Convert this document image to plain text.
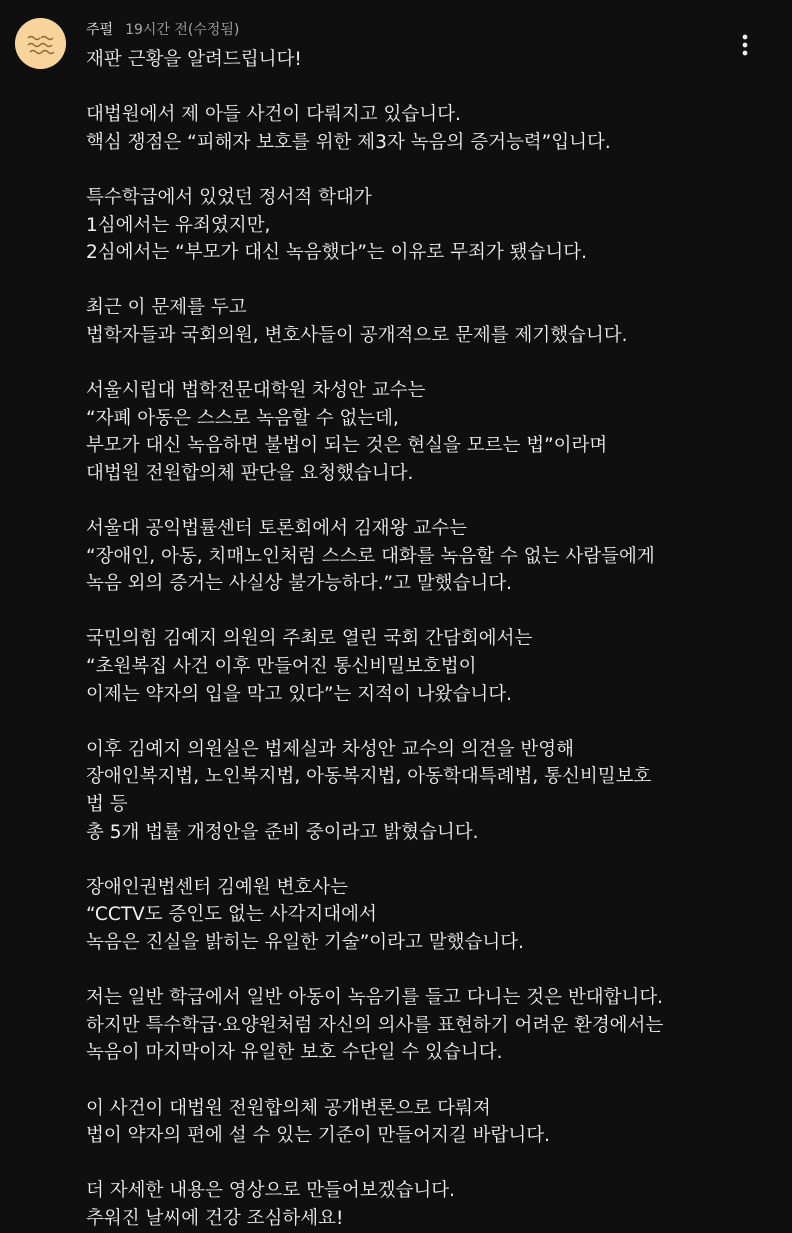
주펄 19시간 전(수정됨)
재판 근황을 알려드립니다!
대법원에서 제 아들 사건이 다뤄지고 있습니다.
핵심 쟁점은 “피해자 보호를 위한 제3자 녹음의 증거능력”입니다.
특수학급에서 있었던 정서적 학대가
1심에서는 유죄였지만,
2심에서는 “부모가 대신 녹음했다”는 이유로 무죄가 됐습니다.
최근 이 문제를 두고
법학자들과 국회의원, 변호사들이 공개적으로 문제를 제기했습니다.
서울시립대 법학전문대학원 차성안 교수는
“자폐 아동은 스스로 녹음할 수 없는데,
부모가 대신 녹음하면 불법이 되는 것은 현실을 모르는 법”이라며
대법원 전원합의체 판단을 요청했습니다.
서울대 공익법률센터 토론회에서 김재왕 교수는
“장애인, 아동, 치매노인처럼 스스로 대화를 녹음할 수 없는 사람들에게
녹음 외의 증거는 사실상 불가능하다.”고 말했습니다.
국민의힘 김예지 의원의 주최로 열린 국회 간담회에서는
“초원복집 사건 이후 만들어진 통신비밀보호법이
이제는 약자의 입을 막고 있다”는 지적이 나왔습니다.
이후 김예지 의원실은 법제실과 차성안 교수의 의견을 반영해
장애인복지법, 노인복지법, 아동복지법, 아동학대특례법, 통신비밀보호
법 등
총 5개 법률 개정안을 준비 중이라고 밝혔습니다.
장애인권법센터 김예원 변호사는
“CCTV도 증인도 없는 사각지대에서
녹음은 진실을 밝히는 유일한 기술”이라고 말했습니다.
저는 일반 학급에서 일반 아동이 녹음기를 들고 다니는 것은 반대합니다.
하지만 특수학급·요양원처럼 자신의 의사를 표현하기 어려운 환경에서는
녹음이 마지막이자 유일한 보호 수단일 수 있습니다.
이 사건이 대법원 전원합의체 공개변론으로 다뤄져
법이 약자의 편에 설 수 있는 기준이 만들어지길 바랍니다.
더 자세한 내용은 영상으로 만들어보겠습니다.
추워진 날씨에 건강 조심하세요!
